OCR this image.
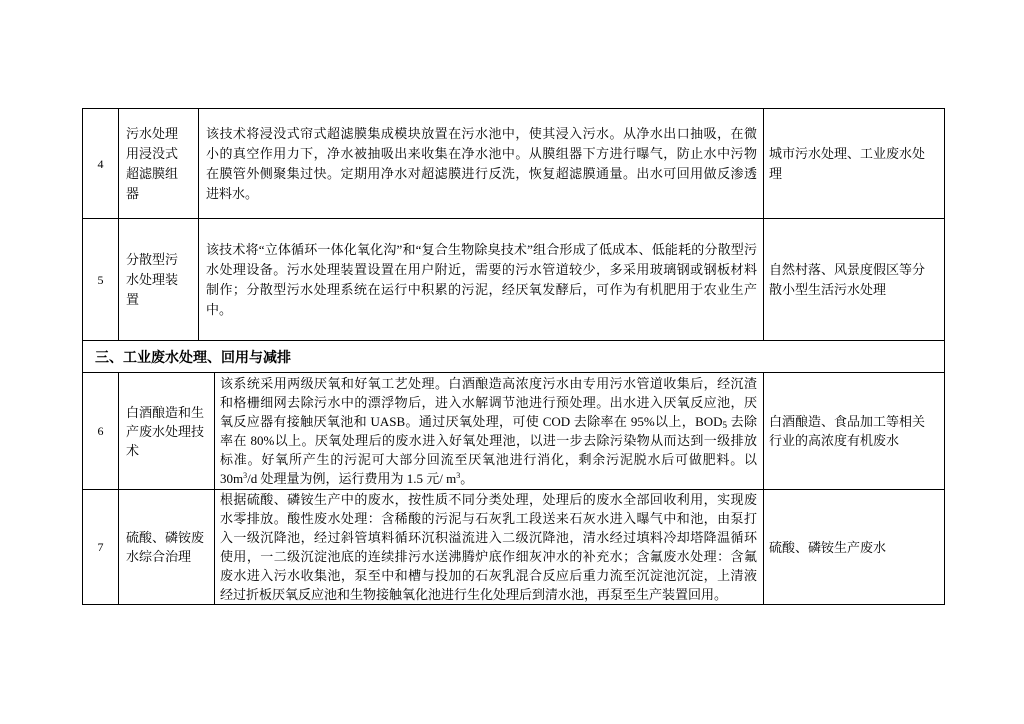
4
污水处理
用浸没式
超滤膜组
器
该技术将浸没式帘式超滤膜集成模块放置在污水池中，使其浸入污水。从净水出口抽吸，在微
小的真空作用力下，净水被抽吸出来收集在净水池中。从膜组器下方进行曝气，防止水中污物
在膜管外侧聚集过快。定期用净水对超滤膜进行反洗，恢复超滤膜通量。出水可回用做反渗透
进料水。
城市污水处理、工业废水处
理
5
分散型污
水处理装
置
该技术将“立体循环一体化氧化沟”和“复合生物除臭技术”组合形成了低成本、低能耗的分散型污
水处理设备。污水处理装置设置在用户附近，需要的污水管道较少，多采用玻璃钢或钢板材料
制作；分散型污水处理系统在运行中积累的污泥，经厌氧发酵后，可作为有机肥用于农业生产
中。
自然村落、风景度假区等分
散小型生活污水处理
三、工业废水处理、回用与减排
6
白酒酿造和生
产废水处理技
术
该系统采用两级厌氧和好氧工艺处理。白酒酿造高浓度污水由专用污水管道收集后，经沉渣
和格栅细网去除污水中的漂浮物后，进入水解调节池进行预处理。出水进入厌氧反应池，厌
氧反应器有接触厌氧池和 UASB。通过厌氧处理，可使 COD 去除率在 95%以上，$BOD_5$ 去除
率在 80%以上。厌氧处理后的废水进入好氧处理池，以进一步去除污染物从而达到一级排放
标准。好氧所产生的污泥可大部分回流至厌氧池进行消化，剩余污泥脱水后可做肥料。以
$30m^3/d$ 处理量为例，运行费用为 1.5 元/ $m^3$。
白酒酿造、食品加工等相关
行业的高浓度有机废水
7
硫酸、磷铵废
水综合治理
根据硫酸、磷铵生产中的废水，按性质不同分类处理，处理后的废水全部回收利用，实现废
水零排放。酸性废水处理：含稀酸的污泥与石灰乳工段送来石灰水进入曝气中和池，由泵打
入一级沉降池，经过斜管填料循环沉积溢流进入二级沉降池，清水经过填料冷却塔降温循环
使用，一二级沉淀池底的连续排污水送沸腾炉底作细灰冲水的补充水；含氟废水处理：含氟
废水进入污水收集池，泵至中和槽与投加的石灰乳混合反应后重力流至沉淀池沉淀，上清液
经过折板厌氧反应池和生物接触氧化池进行生化处理后到清水池，再泵至生产装置回用。
硫酸、磷铵生产废水
